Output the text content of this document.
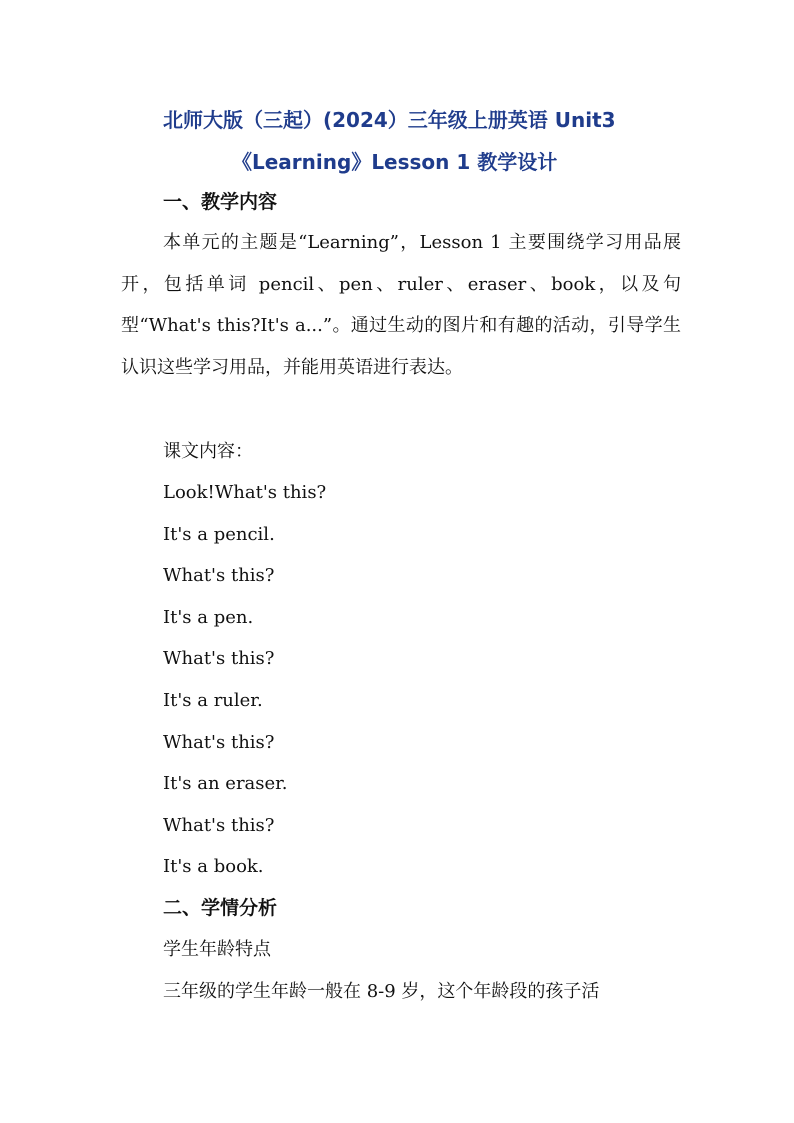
北师大版（三起）(2024）三年级上册英语 Unit3
《Learning》Lesson 1 教学设计
一、教学内容

本单元的主题是“Learning”，Lesson 1 主要围绕学习用品展开，包括单词 pencil、pen、ruler、eraser、book，以及句型“What's this?It's a...”。通过生动的图片和有趣的活动，引导学生认识这些学习用品，并能用英语进行表达。

课文内容：
Look!What's this?
It's a pencil.
What's this?
It's a pen.
What's this?
It's a ruler.
What's this?
It's an eraser.
What's this?
It's a book.
二、学情分析
学生年龄特点
三年级的学生年龄一般在 8-9 岁，这个年龄段的孩子活
